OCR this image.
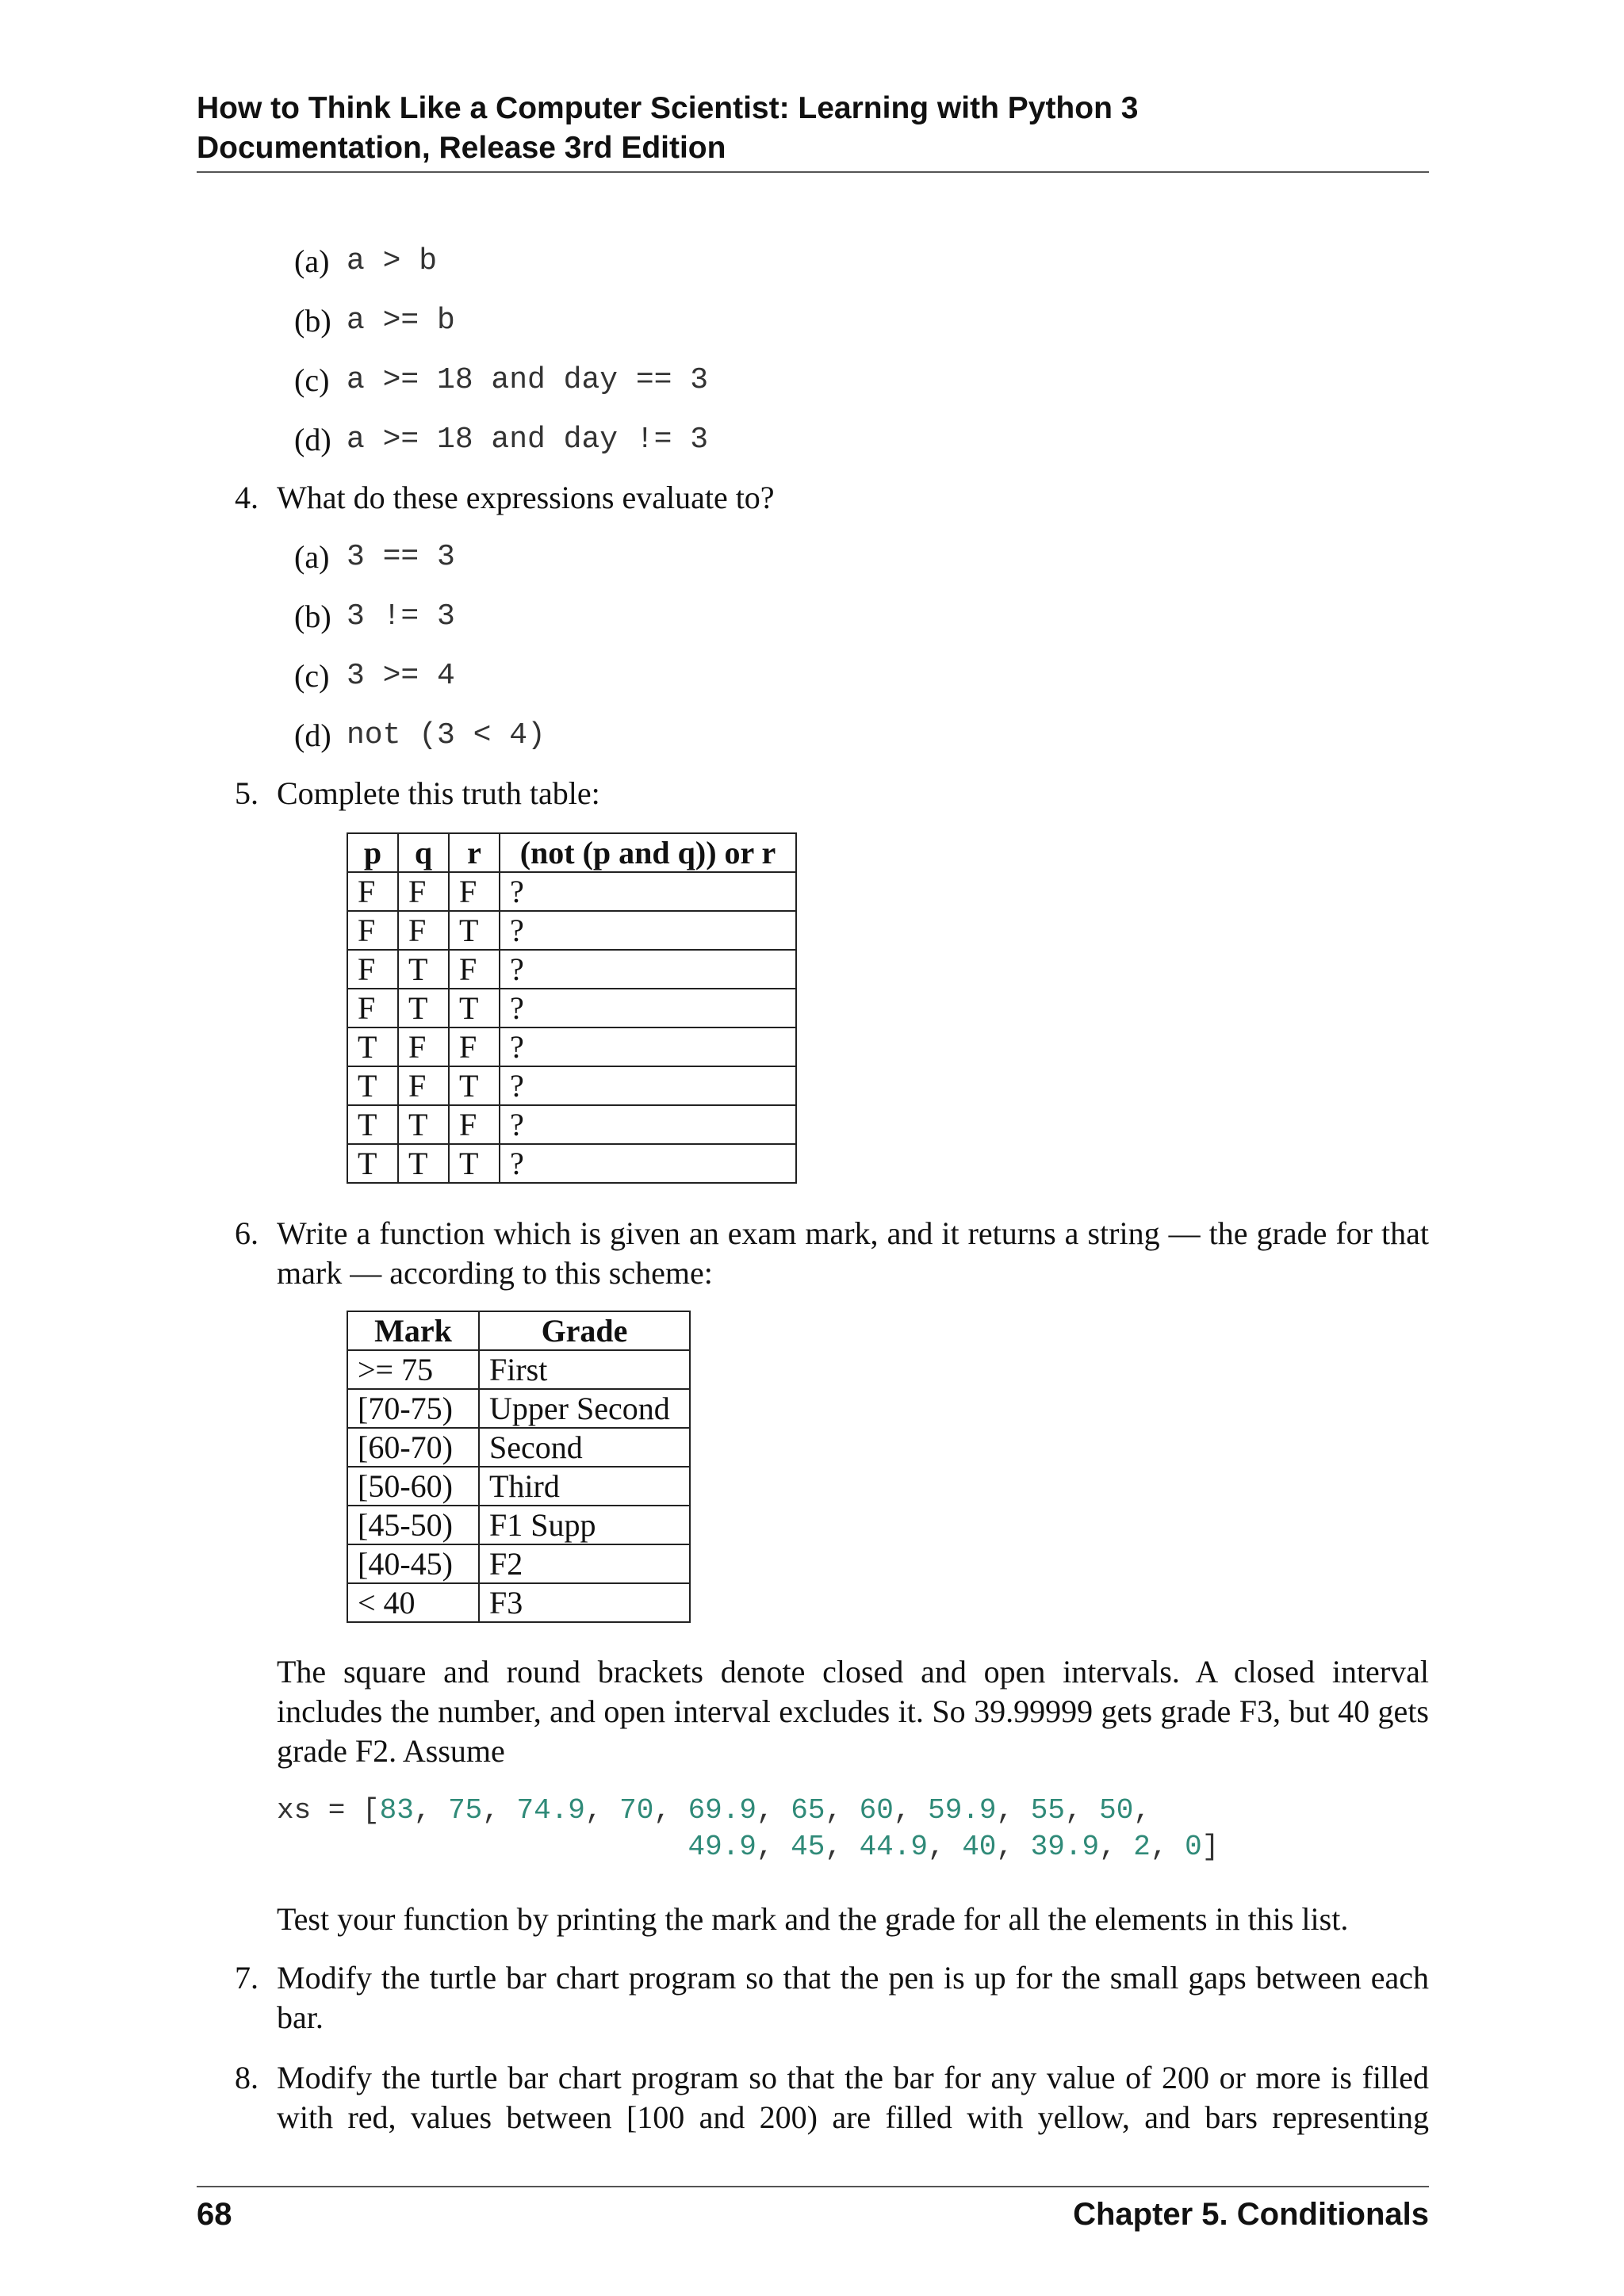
How to Think Like a Computer Scientist: Learning with Python 3
Documentation, Release 3rd Edition
(a) a > b
(b) a >= b
(c) a >= 18 and day == 3
(d) a >= 18 and day != 3
4. What do these expressions evaluate to?
(a) 3 == 3
(b) 3 != 3
(c) 3 >= 4
(d) not (3 < 4)
5. Complete this truth table:
p	q	r	(not (p and q)) or r
F	F	F	?
F	F	T	?
F	T	F	?
F	T	T	?
T	F	F	?
T	F	T	?
T	T	F	?
T	T	T	?
6. Write a function which is given an exam mark, and it returns a string — the grade for that mark — according to this scheme:
Mark	Grade
>= 75	First
[70-75)	Upper Second
[60-70)	Second
[50-60)	Third
[45-50)	F1 Supp
[40-45)	F2
< 40	F3
The square and round brackets denote closed and open intervals. A closed interval includes the number, and open interval excludes it. So 39.99999 gets grade F3, but 40 gets grade F2. Assume
xs = [83, 75, 74.9, 70, 69.9, 65, 60, 59.9, 55, 50,
49.9, 45, 44.9, 40, 39.9, 2, 0]
Test your function by printing the mark and the grade for all the elements in this list.
7. Modify the turtle bar chart program so that the pen is up for the small gaps between each bar.
8. Modify the turtle bar chart program so that the bar for any value of 200 or more is filled with red, values between [100 and 200) are filled with yellow, and bars representing
68	Chapter 5. Conditionals
